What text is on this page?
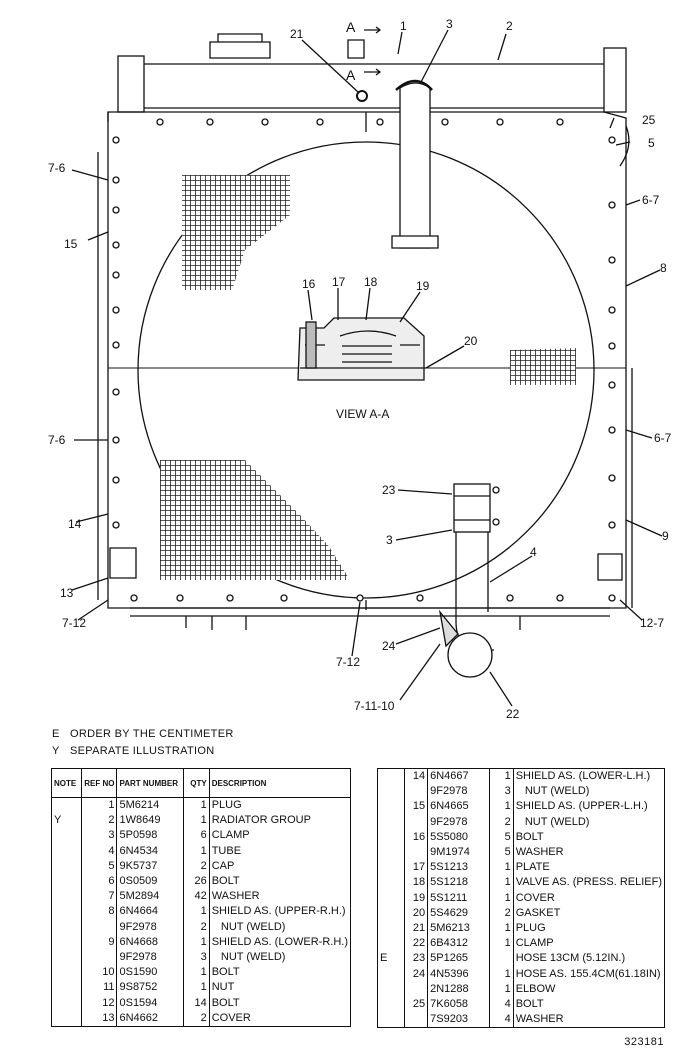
1	2
3
21	A
A
25
5
7-6
6-7
15
8
16 17 18	19
20
VIEW A-A
7-6	6-7
23
3
4
14
9
13
7-12	12-7
7-12
24
7-11-10
22
E ORDER BY THE CENTIMETER
Y SEPARATE ILLUSTRATION
NOTE	REF NO	PART NUMBER	QTY	DESCRIPTION
	1	5M6214	1	PLUG
Y	2	1W8649	1	RADIATOR GROUP
	3	5P0598	6	CLAMP
	4	6N4534	1	TUBE
	5	9K5737	2	CAP
	6	0S0509	26	BOLT
	7	5M2894	42	WASHER
	8	6N4664	1	SHIELD AS. (UPPER-R.H.)
		9F2978	2	NUT (WELD)
	9	6N4668	1	SHIELD AS. (LOWER-R.H.)
		9F2978	3	NUT (WELD)
	10	0S1590	1	BOLT
	11	9S8752	1	NUT
	12	0S1594	14	BOLT
	13	6N4662	2	COVER
	14	6N4667	1	SHIELD AS. (LOWER-L.H.)
		9F2978	3	NUT (WELD)
	15	6N4665	1	SHIELD AS. (UPPER-L.H.)
		9F2978	2	NUT (WELD)
	16	5S5080	5	BOLT
		9M1974	5	WASHER
	17	5S1213	1	PLATE
	18	5S1218	1	VALVE AS. (PRESS. RELIEF)
	19	5S1211	1	COVER
	20	5S4629	2	GASKET
	21	5M6213	1	PLUG
	22	6B4312	1	CLAMP
E	23	5P1265		HOSE 13CM (5.12IN.)
	24	4N5396	1	HOSE AS. 155.4CM(61.18IN)
		2N1288	1	ELBOW
	25	7K6058	4	BOLT
		7S9203	4	WASHER
323181
